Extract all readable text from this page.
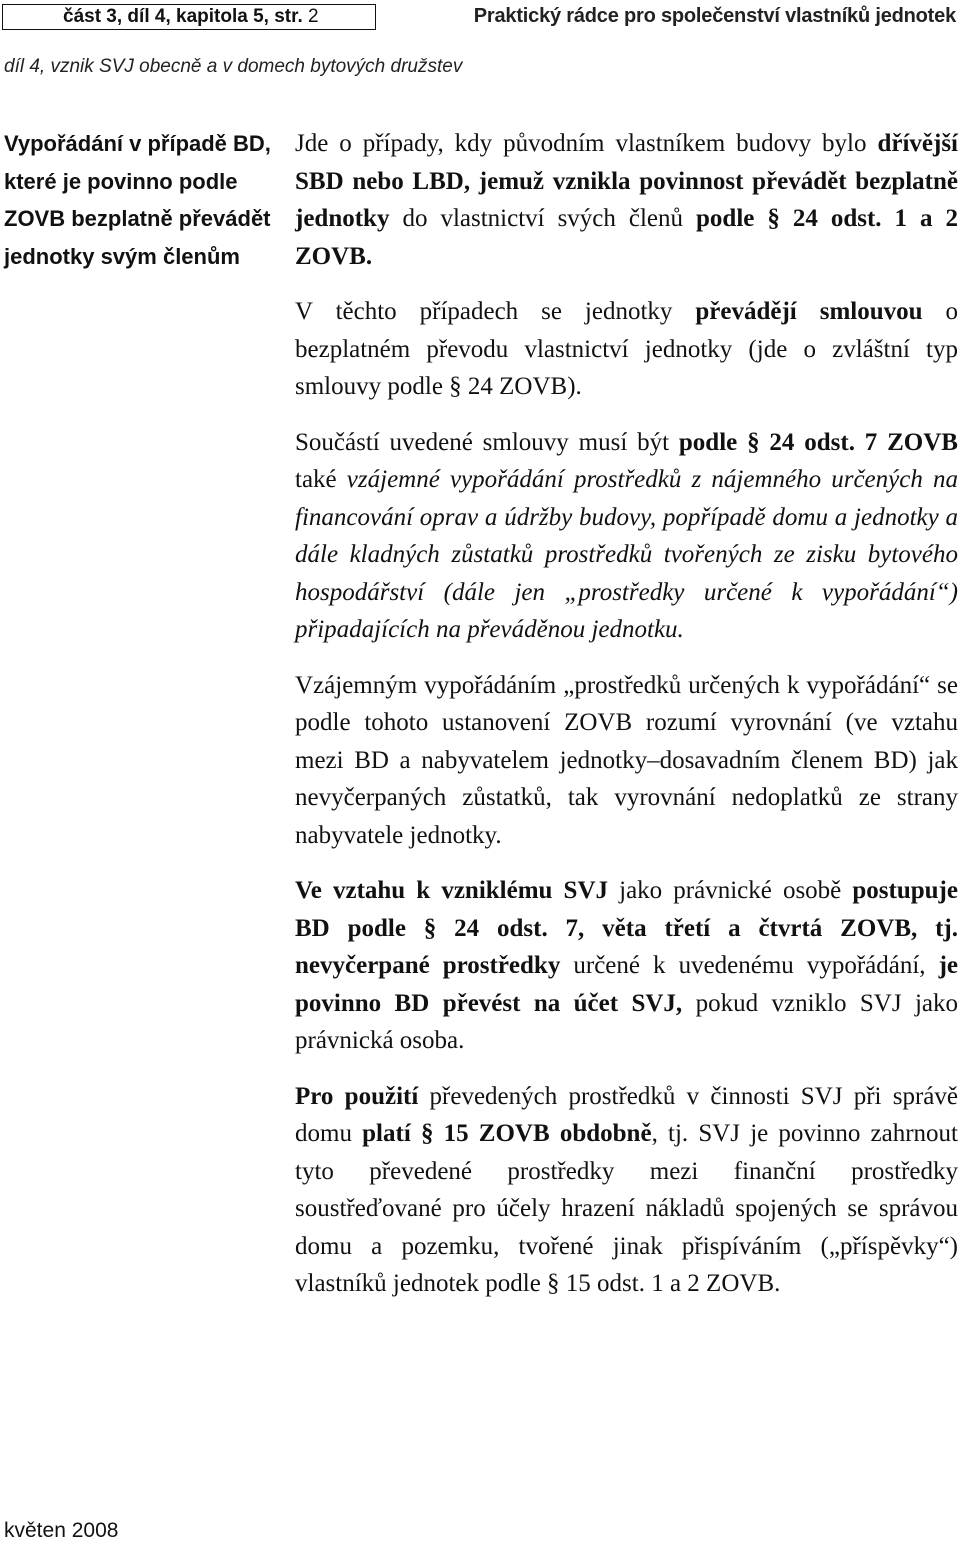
část 3, díl 4, kapitola 5, str. 2	Praktický rádce pro společenství vlastníků jednotek
díl 4, vznik SVJ obecně a v domech bytových družstev
Vypořádání v případě BD, které je povinno podle ZOVB bezplatně převádět jednotky svým členům

Jde o případy, kdy původním vlastníkem budovy bylo dřívější SBD nebo LBD, jemuž vznikla povinnost převádět bezplatně jednotky do vlastnictví svých členů podle § 24 odst. 1 a 2 ZOVB.

V těchto případech se jednotky převádějí smlouvou o bezplatném převodu vlastnictví jednotky (jde o zvláštní typ smlouvy podle § 24 ZOVB).

Součástí uvedené smlouvy musí být podle § 24 odst. 7 ZOVB také vzájemné vypořádání prostředků z nájemného určených na financování oprav a údržby budovy, popřípadě domu a jednotky a dále kladných zůstatků prostředků tvořených ze zisku bytového hospodářství (dále jen „prostředky určené k vypořádání“) připadajících na převáděnou jednotku.

Vzájemným vypořádáním „prostředků určených k vypořádání“ se podle tohoto ustanovení ZOVB rozumí vyrovnání (ve vztahu mezi BD a nabyvatelem jednotky–dosavadním členem BD) jak nevyčerpaných zůstatků, tak vyrovnání nedoplatků ze strany nabyvatele jednotky.

Ve vztahu k vzniklému SVJ jako právnické osobě postupuje BD podle § 24 odst. 7, věta třetí a čtvrtá ZOVB, tj. nevyčerpané prostředky určené k uvedenému vypořádání, je povinno BD převést na účet SVJ, pokud vzniklo SVJ jako právnická osoba.

Pro použití převedených prostředků v činnosti SVJ při správě domu platí § 15 ZOVB obdobně, tj. SVJ je povinno zahrnout tyto převedené prostředky mezi finanční prostředky soustřeďované pro účely hrazení nákladů spojených se správou domu a pozemku, tvořené jinak přispíváním („příspěvky“) vlastníků jednotek podle § 15 odst. 1 a 2 ZOVB.

květen 2008
